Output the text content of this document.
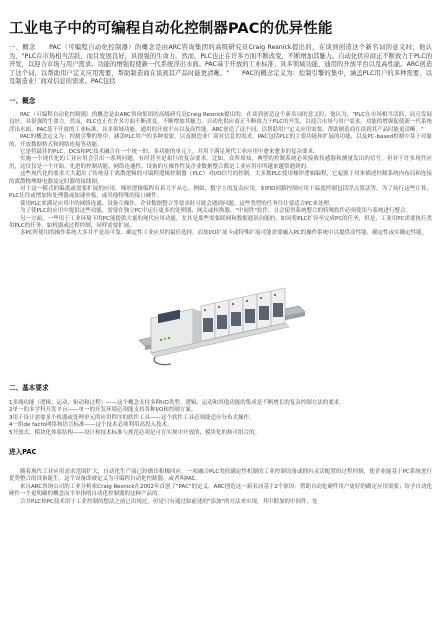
工业电子中的可编程自动化控制器PAC的优异性能

一、概念　　PAC（可编程自动化控制器）的概念是由ARC咨询集团的高级研究员Craig Resnick提出的，在谈到创造这个新名词的意义时，他认为，"PLC在市场相当活跃，而且发展良好，具很强的生命力。然而，PLC也正在许多方面不断改变，不断增加其魅力。自动化供应商正不断致力于PLC的开发，以迎合市场与用户需求。功能的增强促使新一代系统浮出水面。PAC基于开放的工业标准、具多领域功能、通用的开放平台以及高性能。ARC创造了这个词，以帮助用户定义应用需要，帮助制造商在谈到其产品时能更清晰。"　　PAC的概念定义为：控制引擎的集中，涵盖PLC用户的多种需要，以及制造业厂商对信息的需求。PAC包括

一、概念

PAC（可编程自动化控制器）的概念是由ARC咨询集团的高级研究员Craig Resnick提出的，在谈到创造这个新名词的意义时，他认为，"PLC在市场相当活跃，而且发展良好，具很强的生命力。然而，PLC也正在许多方面不断改变，不断增加其魅力。自动化供应商正不断致力于PLC的开发，以迎合市场与用户需求。功能的增强促使新一代系统浮出水面。PAC基于开放的工业标准、具多领域功能、通用的开放平台以及高性能。ARC创造了这个词，以帮助用户定义应用需要，帮助制造商在谈到其产品时能更清晰。"

PAC的概念定义为：控制引擎的集中，涵盖PLC用户的多种需要，以及制造业厂商对信息的需求。PAC包括PLC的主要功能和扩展的功能，以及PC-based控制中基于对象的、开放数据格式和网络连接等功能。

它是将最佳的PLC，DCS和PC技术融合在一个统一的、多功能的单元上，并用于满足现代工业应用中愈来愈多的复杂要求。

实施一个现代化的工业应用会引出一系列问题，有时甚至是艰巨的复杂要求。比如，众所周知，典型的控制系统必须接收传感器和测量发出的信号，但对于许多现代应用，这仅仅是一个开始。先进的控制功能、网络连通性、设备的互操作性及企业数据整合都是工业应用中所越来越常遇到的。

这些现代化的要求大大超出了传统基于离散逻辑的可编程逻辑控制器（PLC）对I/O信号的控制。大多数PLC使用梯形逻辑编程，它起源于用来描述控制系统内布局和连接的离散物理继电器及定时器的接线图。

对于这一模式的偏离或需要扩展的应用，梯形逻辑编程有着力不从心。例如，数字上的复杂应用，如PID回路控制应用于温度控制包括浮点算法等。为了执行这些计算，PLC往往或增加协处理器或加速单板，或其他特殊的接口硬件。

使用PLC来满足应用中的网络连通、设备互操作、企业数据整合等要求时可能会遇到问题。这些类型的任务往往要适合PC来处理。

为了使PLC的应用中提供这些功能，需要在独立PC中运行更多的处理器、网关或转换器、"中间件"软件，且会使得系统整合的特殊软件必须使用与系统进行整合。

另一方面，一些用于工业环境下的PC能提供大量的现代应用功能，尤其是那些需要联网和数据通讯功能的。如同将PLC扩容至完成PC的任务，但是，工业用PC需要执行类似PLC的任务，如机器或过程控制，同样需要扩展。

多PC所使用的操作系统大多并不是高可靠、确定性工业应用的最佳选择，而加I/O扩展卡或特殊扩展可能需要融入PC的操作系统中以提供高性能、确定性或实确定性能。

二、基本要求
1多域功能（逻辑、运动、驱动和过程）——这个概念支持多种I/O类型。逻辑、运动和其他功能的集成是不断增长的复杂控制方法的要求。
2单一的多学科开发平台——单一的开发环境必须能支持各种I/O和控制方案。
3用于设计需要多个机器或处理单元的应用程序的软件工具——这个软件工具必须能适应分布式操作。
4一组de facto网络和语言标准——这个技术必须利用高投入技术。
5开放式、模块化体系结构——设计和技术标准与规范必须是可在实现中开放的、模块化的和可组合的。
进入PAC

随着现代工业应用需求范围扩大，自动化生产商已经做出积极回应，一项融合PLC类似确定性机制的工业控制设备或拥有灵活配置的过程控制，使企业能基于PC系统进行优势整合的设备诞生。这个设备即被定义为可编程自动化控制器，或者叫PAC。

来自ARC咨询公司的工业分析家Craig Resnick在2002年首创了"PAC"的定义。ARC创造这一新名词基于2个原因：帮助自动化硬件用户更好的确定应用需要；给予自动化硬件一个更明确的概念而不单指明自动化控制器的这种产品的。

合并PLC和PC技术用于工业控制的想法之前已出现过，但是只有通过如前述的"添加"的方法来实现，其中附加的中间件，处
